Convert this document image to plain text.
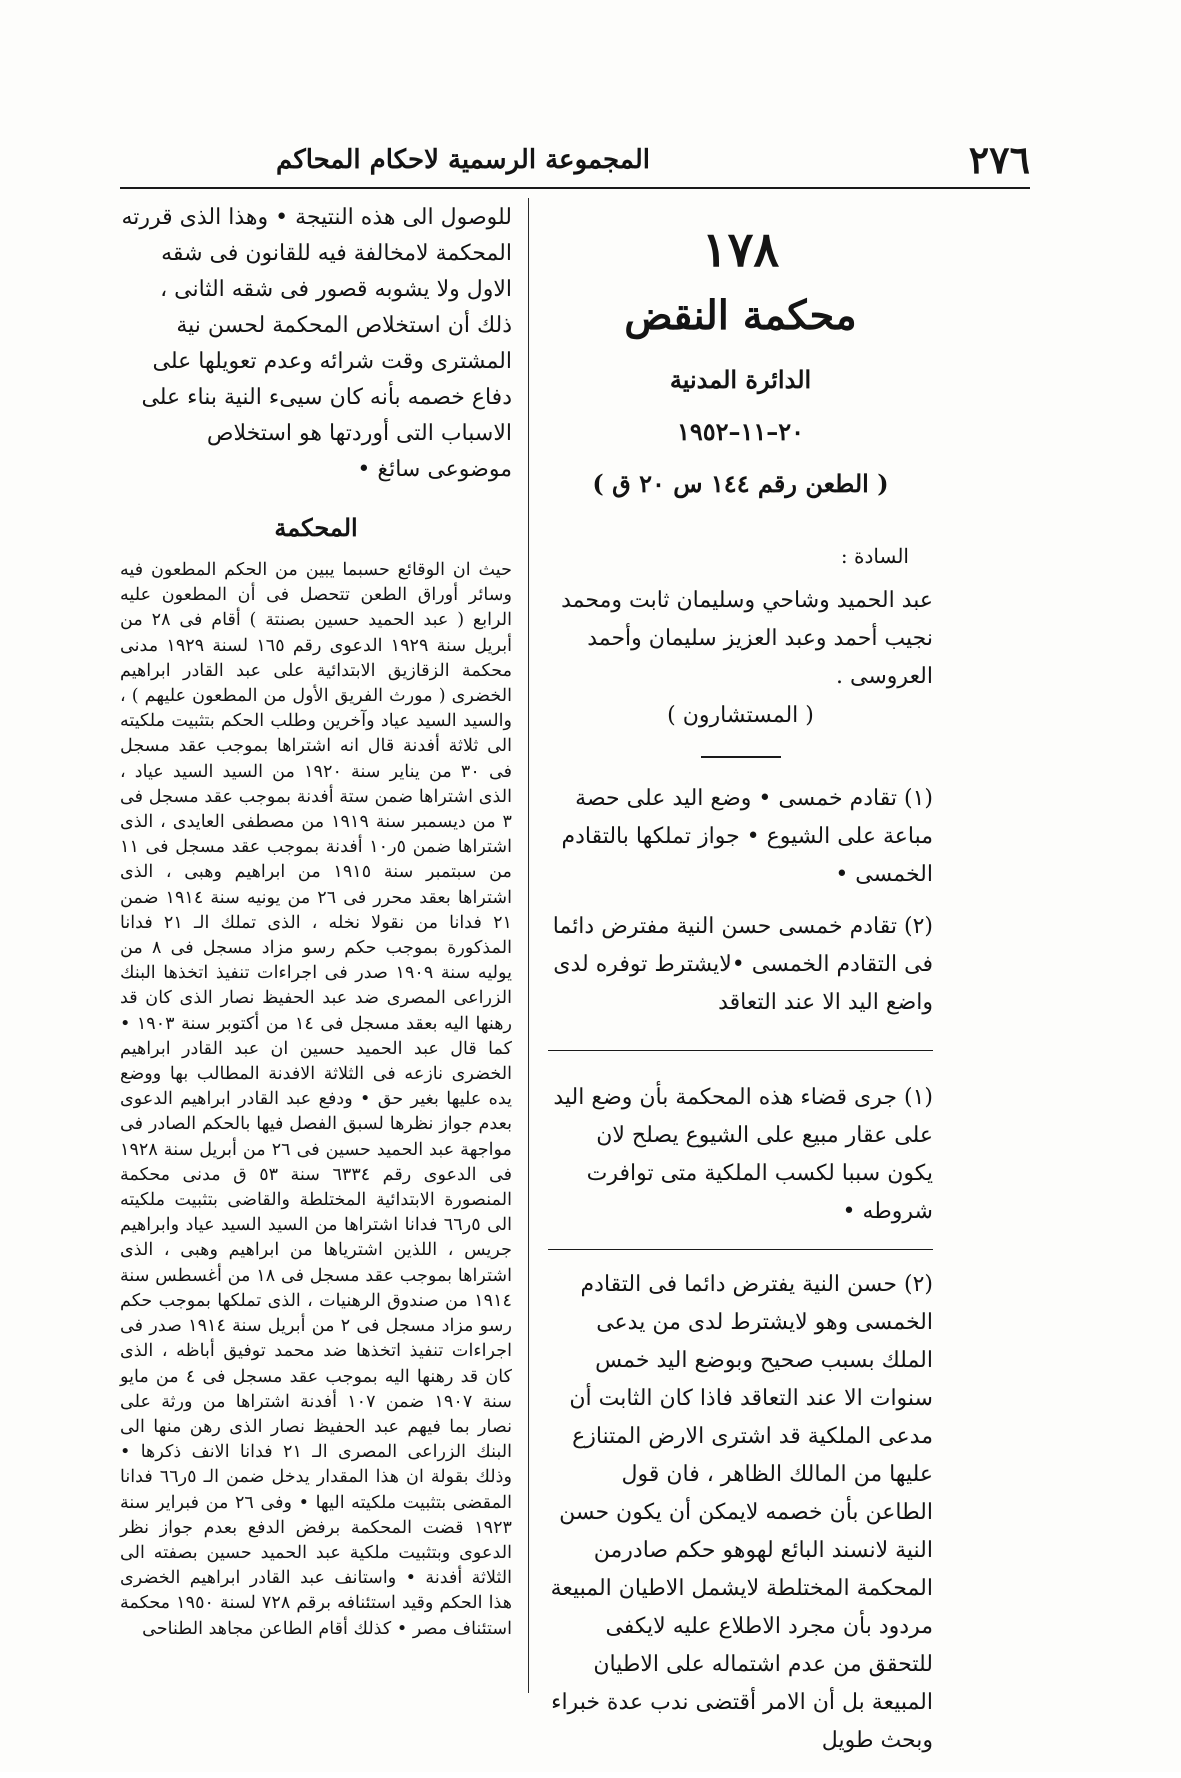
٢٧٦
المجموعة الرسمية لاحكام المحاكم
١٧٨
محكمة النقض
الدائرة المدنية
٢٠–١١–١٩٥٢
( الطعن رقم ١٤٤ س ٢٠ ق )
السادة :
عبد الحميد وشاحي وسليمان ثابت ومحمد نجيب أحمد وعبد العزيز سليمان وأحمد العروسى .
( المستشارون )
(١) تقادم خمسى • وضع اليد على حصة مباعة على الشيوع • جواز تملكها بالتقادم الخمسى •
(٢) تقادم خمسى حسن النية مفترض دائما فى التقادم الخمسى •لايشترط توفره لدى واضع اليد الا عند التعاقد
(١) جرى قضاء هذه المحكمة بأن وضع اليد على عقار مبيع على الشيوع يصلح لان يكون سببا لكسب الملكية متى توافرت شروطه •
(٢) حسن النية يفترض دائما فى التقادم الخمسى وهو لايشترط لدى من يدعى الملك بسبب صحيح وبوضع اليد خمس سنوات الا عند التعاقد فاذا كان الثابت أن مدعى الملكية قد اشترى الارض المتنازع عليها من المالك الظاهر ، فان قول الطاعن بأن خصمه لايمكن أن يكون حسن النية لانسند البائع لهوهو حكم صادرمن المحكمة المختلطة لايشمل الاطيان المبيعة مردود بأن مجرد الاطلاع عليه لايكفى للتحقق من عدم اشتماله على الاطيان المبيعة بل أن الامر أقتضى ندب عدة خبراء وبحث طويل

للوصول الى هذه النتيجة • وهذا الذى قررته المحكمة لامخالفة فيه للقانون فى شقه الاول ولا يشوبه قصور فى شقه الثانى ، ذلك أن استخلاص المحكمة لحسن نية المشترى وقت شرائه وعدم تعويلها على دفاع خصمه بأنه كان سيىء النية بناء على الاسباب التى أوردتها هو استخلاص موضوعى سائغ •

المحكمة

حيث ان الوقائع حسبما يبين من الحكم المطعون فيه وسائر أوراق الطعن تتحصل فى أن المطعون عليه الرابع ( عبد الحميد حسين بصنتة ) أقام فى ٢٨ من أبريل سنة ١٩٢٩ الدعوى رقم ١٦٥ لسنة ١٩٢٩ مدنى محكمة الزقازيق الابتدائية على عبد القادر ابراهيم الخضرى ( مورث الفريق الأول من المطعون عليهم ) ، والسيد السيد عياد وآخرين وطلب الحكم بتثبيت ملكيته الى ثلاثة أفدنة قال انه اشتراها بموجب عقد مسجل فى ٣٠ من يناير سنة ١٩٢٠ من السيد السيد عياد ، الذى اشتراها ضمن ستة أفدنة بموجب عقد مسجل فى ٣ من ديسمبر سنة ١٩١٩ من مصطفى العايدى ، الذى اشتراها ضمن ٥ر١٠ أفدنة بموجب عقد مسجل فى ١١ من سبتمبر سنة ١٩١٥ من ابراهيم وهبى ، الذى اشتراها بعقد محرر فى ٢٦ من يونيه سنة ١٩١٤ ضمن ٢١ فدانا من نقولا نخله ، الذى تملك الـ ٢١ فدانا المذكورة بموجب حكم رسو مزاد مسجل فى ٨ من يوليه سنة ١٩٠٩ صدر فى اجراءات تنفيذ اتخذها البنك الزراعى المصرى ضد عبد الحفيظ نصار الذى كان قد رهنها اليه بعقد مسجل فى ١٤ من أكتوبر سنة ١٩٠٣ • كما قال عبد الحميد حسين ان عبد القادر ابراهيم الخضرى نازعه فى الثلاثة الافدنة المطالب بها ووضع يده عليها بغير حق • ودفع عبد القادر ابراهيم الدعوى بعدم جواز نظرها لسبق الفصل فيها بالحكم الصادر فى مواجهة عبد الحميد حسين فى ٢٦ من أبريل سنة ١٩٢٨ فى الدعوى رقم ٦٣٣٤ سنة ٥٣ ق مدنى محكمة المنصورة الابتدائية المختلطة والقاضى بتثبيت ملكيته الى ٥ر٦٦ فدانا اشتراها من السيد السيد عياد وابراهيم جريس ، اللذين اشترياها من ابراهيم وهبى ، الذى اشتراها بموجب عقد مسجل فى ١٨ من أغسطس سنة ١٩١٤ من صندوق الرهنيات ، الذى تملكها بموجب حكم رسو مزاد مسجل فى ٢ من أبريل سنة ١٩١٤ صدر فى اجراءات تنفيذ اتخذها ضد محمد توفيق أباظه ، الذى كان قد رهنها اليه بموجب عقد مسجل فى ٤ من مايو سنة ١٩٠٧ ضمن ١٠٧ أفدنة اشتراها من ورثة على نصار بما فيهم عبد الحفيظ نصار الذى رهن منها الى البنك الزراعى المصرى الـ ٢١ فدانا الانف ذكرها • وذلك بقولة ان هذا المقدار يدخل ضمن الـ ٥ر٦٦ فدانا المقضى بتثبيت ملكيته اليها • وفى ٢٦ من فبراير سنة ١٩٢٣ قضت المحكمة برفض الدفع بعدم جواز نظر الدعوى وبتثبيت ملكية عبد الحميد حسين بصفته الى الثلاثة أفدنة • واستانف عبد القادر ابراهيم الخضرى هذا الحكم وقيد استئنافه برقم ٧٢٨ لسنة ١٩٥٠ محكمة استئناف مصر • كذلك أقام الطاعن مجاهد الطناحى
